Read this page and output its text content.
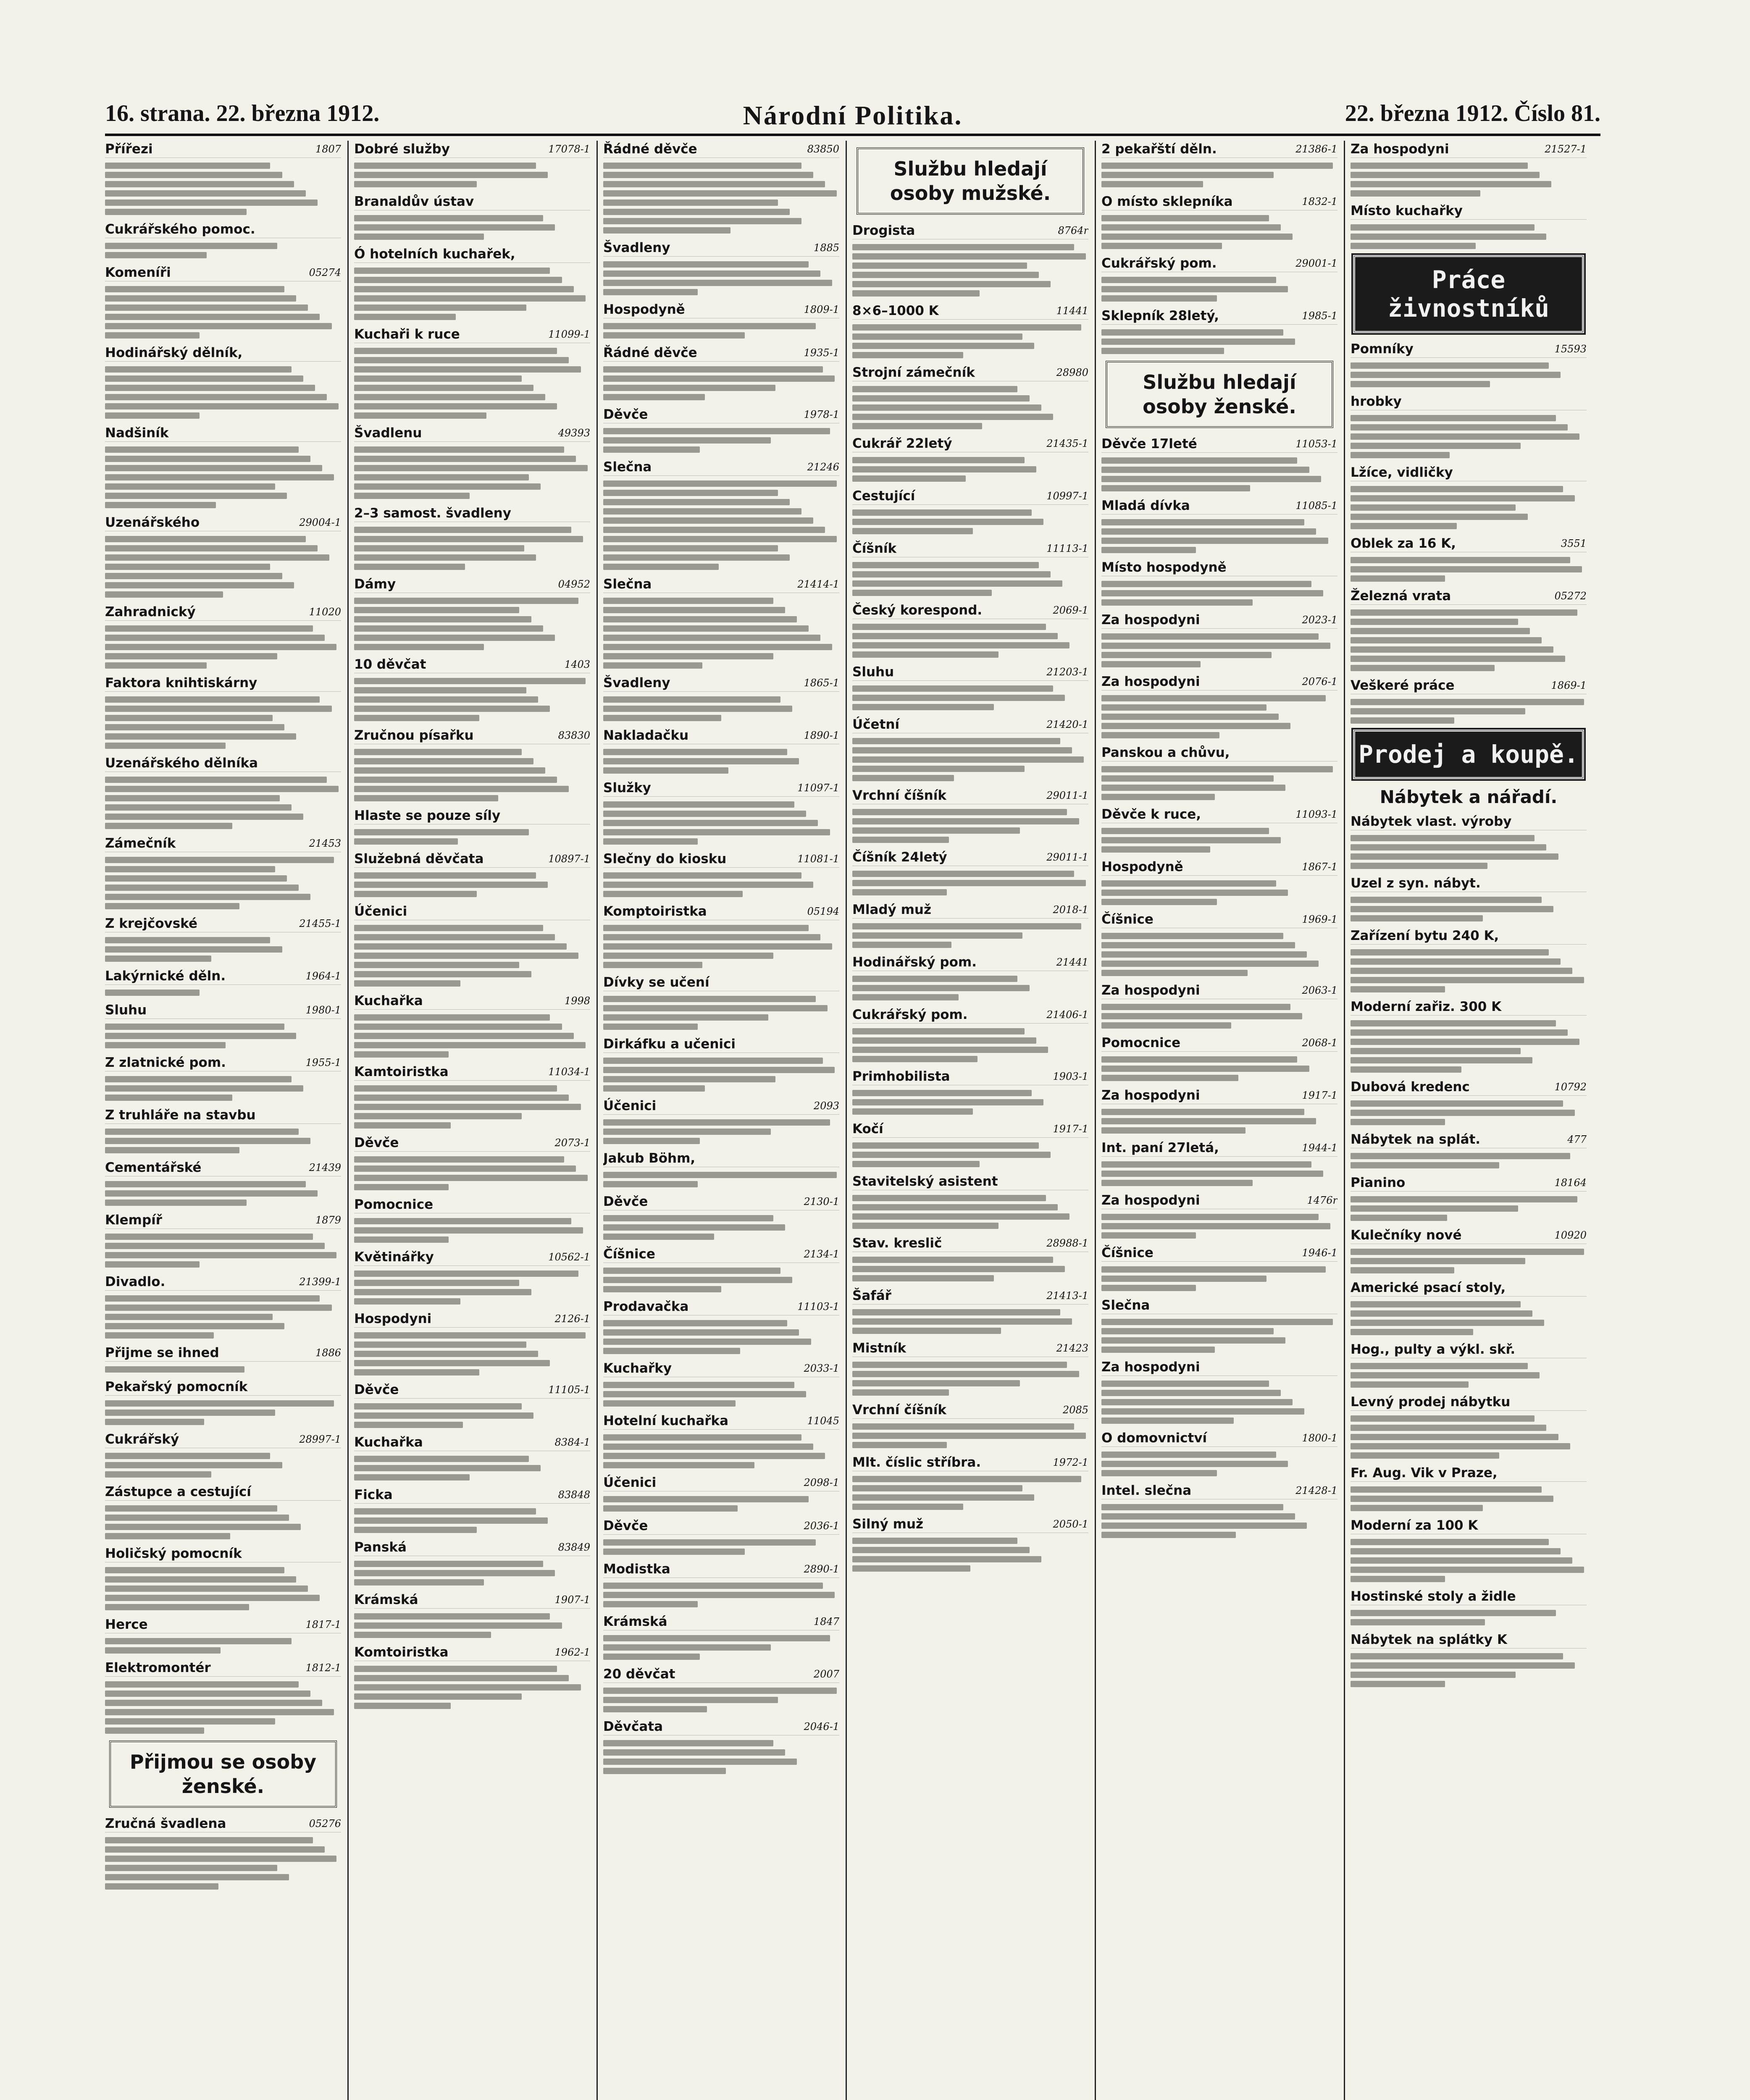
16. strana. 22. března 1912.	Národní Politika.	22. března 1912. Číslo 81.
Přířezi	1807
Cukrářského pomoc.
Komeníři	05274
Hodinářský dělník,
Nadšiník
Uzenářského	29004-1
Zahradnický	11020
Faktora knihtiskárny
Uzenářského dělníka
Zámečník	21453
Z krejčovské	21455-1
Lakýrnické děln.	1964-1
Sluhu	1980-1
Z zlatnické pom.	1955-1
Z truhláře na stavbu
Cementářské	21439
Klempíř	1879
Divadlo.	21399-1
Přijme se ihned	1886
Pekařský pomocník
Cukrářský	28997-1
Zástupce a cestující
Holičský pomocník
Herce	1817-1
Elektromontér	1812-1
Přijmou se osoby ženské.
Zručná švadlena	05276
Dobré služby	17078-1
Branaldův ústav
Ó hotelních kuchařek,
Kuchaři k ruce	11099-1
Švadlenu	49393
2–3 samost. švadleny
Dámy	04952
10 děvčat	1403
Zručnou písařku	83830
Hlaste se pouze síly
Služebná děvčata	10897-1
Účenici
Kuchařka	1998
Kamtoiristka	11034-1
Děvče	2073-1
Pomocnice
Květinářky	10562-1
Hospodyni	2126-1
Děvče	11105-1
Kuchařka	8384-1
Ficka	83848
Panská	83849
Krámská	1907-1
Komtoiristka	1962-1
Řádné děvče	83850
Švadleny	1885
Hospodyně	1809-1
Řádné děvče	1935-1
Děvče	1978-1
Slečna	21246
Slečna	21414-1
Švadleny	1865-1
Nakladačku	1890-1
Služky	11097-1
Slečny do kiosku	11081-1
Komptoiristka	05194
Dívky se učení
Dirkáfku a učenici
Účenici	2093
Jakub Böhm,
Děvče	2130-1
Číšnice	2134-1
Prodavačka	11103-1
Kuchařky	2033-1
Hotelní kuchařka	11045
Účenici	2098-1
Děvče	2036-1
Modistka	2890-1
Krámská	1847
20 děvčat	2007
Děvčata	2046-1
Službu hledají osoby mužské.
Drogista	8764r
8×6–1000 K	11441
Strojní zámečník	28980
Cukrář 22letý	21435-1
Cestující	10997-1
Číšník	11113-1
Český korespond.	2069-1
Sluhu	21203-1
Účetní	21420-1
Vrchní číšník	29011-1
Číšník 24letý	29011-1
Mladý muž	2018-1
Hodinářský pom.	21441
Cukrářský pom.	21406-1
Primhobilista	1903-1
Kočí	1917-1
Stavitelský asistent
Stav. kreslič	28988-1
Šafář	21413-1
Mistník	21423
Vrchní číšník	2085
Mlt. číslic stříbra.	1972-1
Silný muž	2050-1
2 pekařští děln.	21386-1
O místo sklepníka	1832-1
Cukrářský pom.	29001-1
Sklepník 28letý,	1985-1
Službu hledají osoby ženské.
Děvče 17leté	11053-1
Mladá dívka	11085-1
Místo hospodyně
Za hospodyni	2023-1
Za hospodyni	2076-1
Panskou a chůvu,
Děvče k ruce,	11093-1
Hospodyně	1867-1
Číšnice	1969-1
Za hospodyni	2063-1
Pomocnice	2068-1
Za hospodyni	1917-1
Int. paní 27letá,	1944-1
Za hospodyni	1476r
Číšnice	1946-1
Slečna
Za hospodyni
O domovnictví	1800-1
Intel. slečna	21428-1
Za hospodyni	21527-1
Místo kuchařky
Práce živnostníků
Pomníky	15593
hrobky
Lžíce, vidličky
Oblek za 16 K,	3551
Železná vrata	05272
Veškeré práce	1869-1
Prodej a koupě.
Nábytek a nářadí.
Nábytek vlast. výroby
Uzel z syn. nábyt.
Zařízení bytu 240 K,
Moderní zařiz. 300 K
Dubová kredenc	10792
Nábytek na splát.	477
Pianino	18164
Kulečníky nové	10920
Americké psací stoly,
Hog., pulty a výkl. skř.
Levný prodej nábytku
Fr. Aug. Vik v Praze,
Moderní za 100 K
Hostinské stoly a židle
Nábytek na splátky K
